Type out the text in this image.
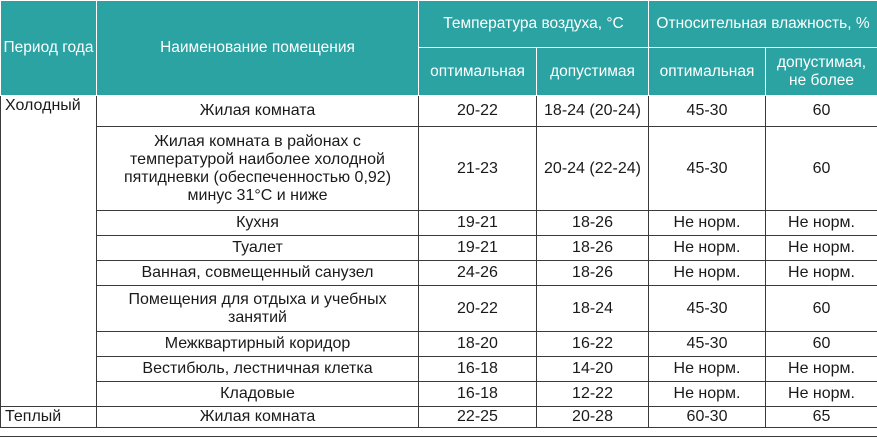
Период года	Наименование помещения	Температура воздуха, °С		Относительная влажность, %	
		оптимальная	допустимая	оптимальная	допустимая, не более
Холодный	Жилая комната	20-22	18-24 (20-24)	45-30	60
	Жилая комната в районах с температурой наиболее холодной пятидневки (обеспеченностью 0,92) минус 31°С и ниже	21-23	20-24 (22-24)	45-30	60
	Кухня	19-21	18-26	Не норм.	Не норм.
	Туалет	19-21	18-26	Не норм.	Не норм.
	Ванная, совмещенный санузел	24-26	18-26	Не норм.	Не норм.
	Помещения для отдыха и учебных занятий	20-22	18-24	45-30	60
	Межквартирный коридор	18-20	16-22	45-30	60
	Вестибюль, лестничная клетка	16-18	14-20	Не норм.	Не норм.
	Кладовые	16-18	12-22	Не норм.	Не норм.
Теплый	Жилая комната	22-25	20-28	60-30	65
